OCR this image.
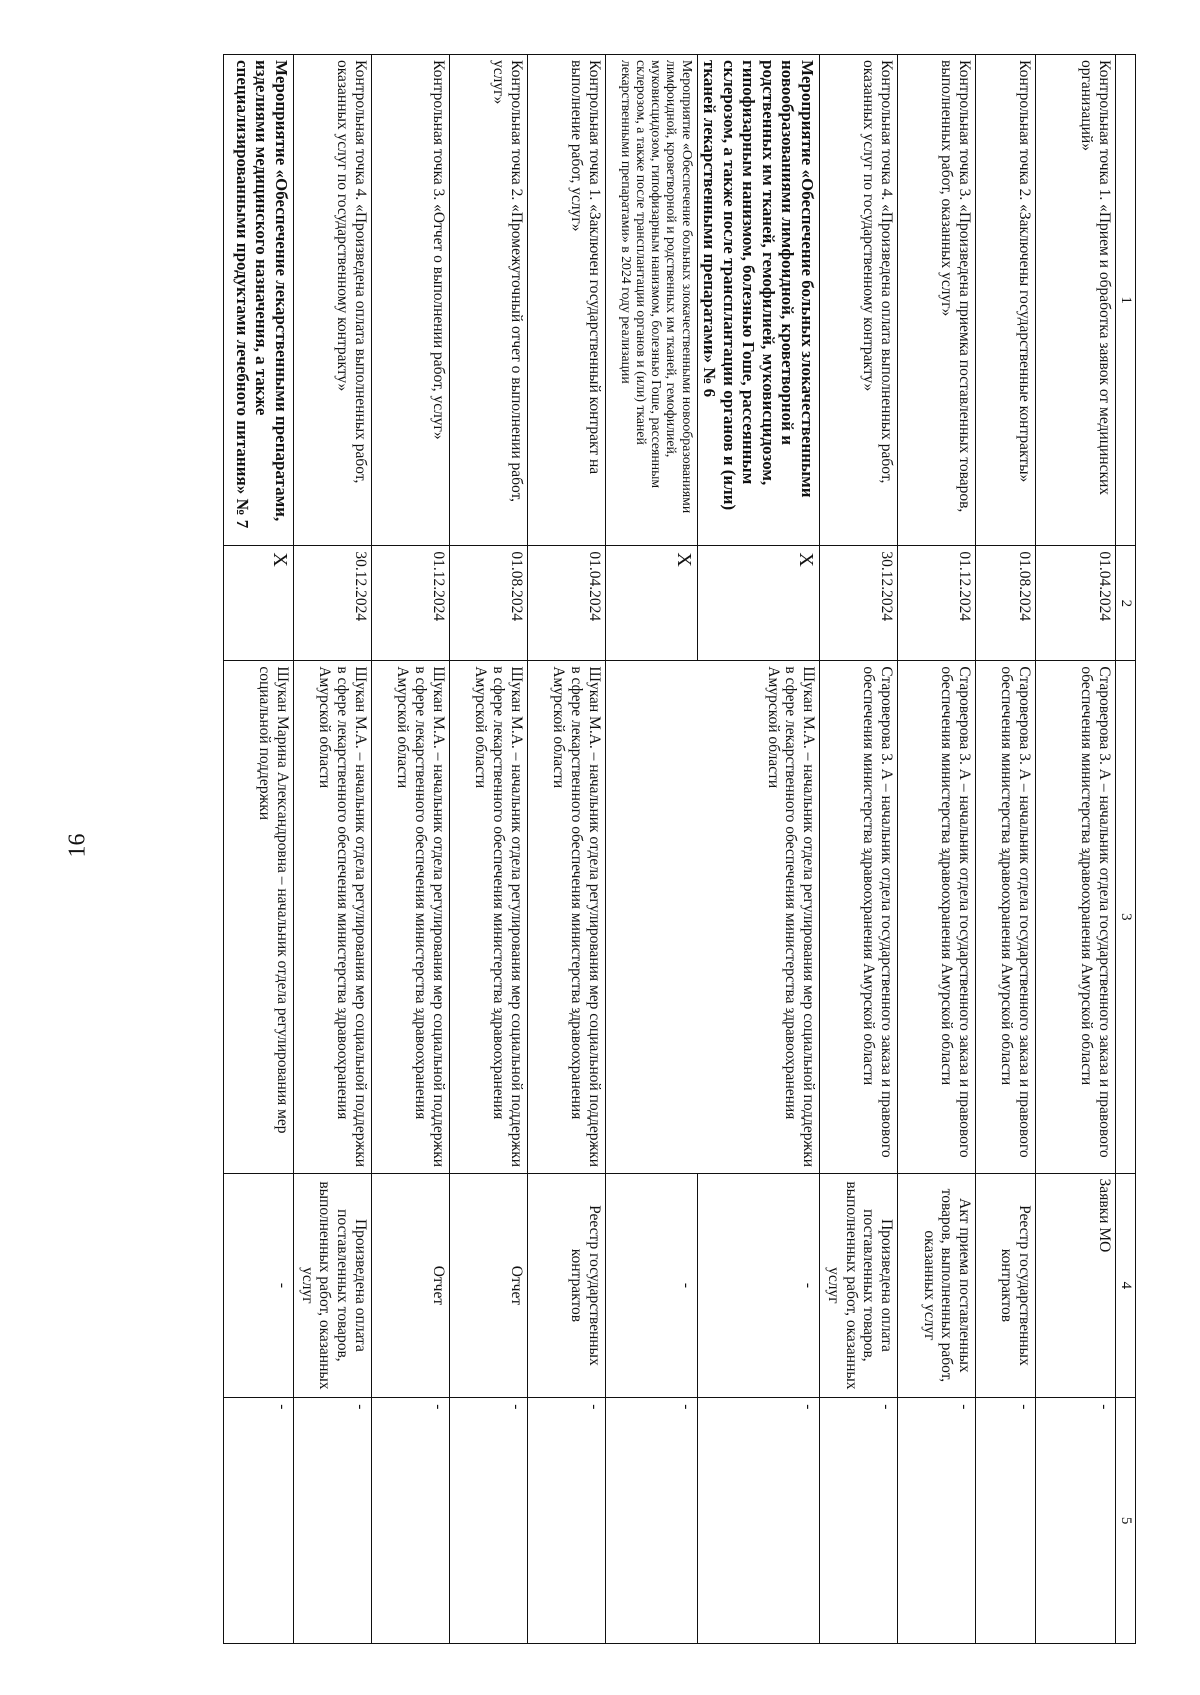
16
1	2	3	4	5
Контрольная точка 1. «Прием и обработка заявок от медицинских организаций»	01.04.2024	Староверова З. А – начальник отдела государственного заказа и правового обеспечения министерства здравоохранения Амурской области	Заявки МО	-
Контрольная точка 2. «Заключены государственные контракты»	01.08.2024	Староверова З. А – начальник отдела государственного заказа и правового обеспечения министерства здравоохранения Амурской области	Реестр государственных контрактов	-
Контрольная точка 3. «Произведена приемка поставленных товаров, выполненных работ, оказанных услуг»	01.12.2024	Староверова З. А – начальник отдела государственного заказа и правового обеспечения министерства здравоохранения Амурской области	Акт приема поставленных товаров, выполненных работ, оказанных услуг	-
Контрольная точка 4. «Произведена оплата выполненных работ, оказанных услуг по государственному контракту»	30.12.2024	Староверова З. А – начальник отдела государственного заказа и правового обеспечения министерства здравоохранения Амурской области	Произведена оплата поставленных товаров, выполненных работ, оказанных услуг	-
Мероприятие «Обеспечение больных злокачественными новообразованиями лимфоидной, кроветворной и родственных им тканей, гемофилией, муковисцидозом, гипофизарным нанизмом, болезнью Гоше, рассеянным склерозом, а также после трансплантации органов и (или) тканей лекарственными препаратами» № 6	X	Шукан М.А. – начальник отдела регулирования мер социальной поддержки в сфере лекарственного обеспечения министерства здравоохранения Амурской области	-	-
Мероприятие «Обеспечение больных злокачественными новообразованиями лимфоидной, кроветворной и родственных им тканей, гемофилией, муковисцидозом, гипофизарным нанизмом, болезнью Гоше, рассеянным склерозом, а также после трансплантации органов и (или) тканей лекарственными препаратами» в 2024 году реализации	X		-	-
Контрольная точка 1. «Заключен государственный контракт на выполнение работ, услуг»	01.04.2024	Шукан М.А. – начальник отдела регулирования мер социальной поддержки в сфере лекарственного обеспечения министерства здравоохранения Амурской области	Реестр государственных контрактов	-
Контрольная точка 2. «Промежуточный отчет о выполнении работ, услуг»	01.08.2024	Шукан М.А. – начальник отдела регулирования мер социальной поддержки в сфере лекарственного обеспечения министерства здравоохранения Амурской области	Отчет	-
Контрольная точка 3. «Отчет о выполнении работ, услуг»	01.12.2024	Шукан М.А. – начальник отдела регулирования мер социальной поддержки в сфере лекарственного обеспечения министерства здравоохранения Амурской области	Отчет	-
Контрольная точка 4. «Произведена оплата выполненных работ, оказанных услуг по государственному контракту»	30.12.2024	Шукан М.А. – начальник отдела регулирования мер социальной поддержки в сфере лекарственного обеспечения министерства здравоохранения Амурской области	Произведена оплата поставленных товаров, выполненных работ, оказанных услуг	-
Мероприятие «Обеспечение лекарственными препаратами, изделиями медицинского назначения, а также специализированными продуктами лечебного питания» № 7	X	Шукан Марина Александровна – начальник отдела регулирования мер социальной поддержки	-	-
